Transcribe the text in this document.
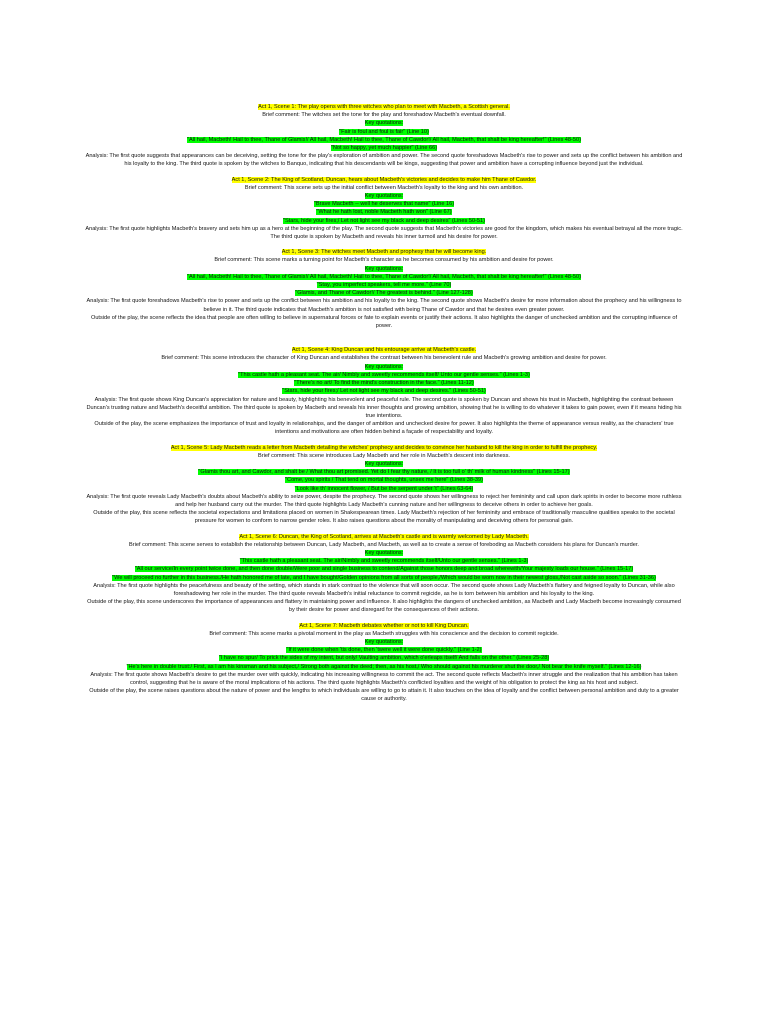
Act 1, Scene 1: The play opens with three witches who plan to meet with Macbeth, a Scottish general.
Brief comment: The witches set the tone for the play and foreshadow Macbeth's eventual downfall.
Key quotations:
"Fair is foul and foul is fair" (Line 10)
"All hail, Macbeth! Hail to thee, Thane of Glamis!/ All hail, Macbeth! Hail to thee, Thane of Cawdor!/ All hail, Macbeth, that shalt be king hereafter!" (Lines 48-50)
"Not so happy, yet much happier" (Line 66)
Analysis: The first quote suggests that appearances can be deceiving, setting the tone for the play's exploration of ambition and power. The second quote foreshadows Macbeth's rise to power and sets up the conflict between his ambition and his loyalty to the king. The third quote is spoken by the witches to Banquo, indicating that his descendants will be kings, suggesting that power and ambition have a corrupting influence beyond just the individual.
Act 1, Scene 2: The King of Scotland, Duncan, hears about Macbeth's victories and decides to make him Thane of Cawdor.
Brief comment: This scene sets up the initial conflict between Macbeth's loyalty to the king and his own ambition.
Key quotations:
"Brave Macbeth -- well he deserves that name" (Line 16)
"What he hath lost, noble Macbeth hath won" (Line 67)
"Stars, hide your fires;/ Let not light see my black and deep desires" (Lines 50-51)
Analysis: The first quote highlights Macbeth's bravery and sets him up as a hero at the beginning of the play. The second quote suggests that Macbeth's victories are good for the kingdom, which makes his eventual betrayal all the more tragic. The third quote is spoken by Macbeth and reveals his inner turmoil and his desire for power.
Act 1, Scene 3: The witches meet Macbeth and prophesy that he will become king.
Brief comment: This scene marks a turning point for Macbeth's character as he becomes consumed by his ambition and desire for power.
Key quotations:
"All hail, Macbeth! Hail to thee, Thane of Glamis!/ All hail, Macbeth! Hail to thee, Thane of Cawdor!/ All hail, Macbeth, that shalt be king hereafter!" (Lines 48-50)
"Stay, you imperfect speakers, tell me more." (Line 70)
"Glamis, and Thane of Cawdor!/ The greatest is behind." (Line 127-128)
Analysis: The first quote foreshadows Macbeth's rise to power and sets up the conflict between his ambition and his loyalty to the king. The second quote shows Macbeth's desire for more information about the prophecy and his willingness to believe in it. The third quote indicates that Macbeth's ambition is not satisfied with being Thane of Cawdor and that he desires even greater power.
Outside of the play, the scene reflects the idea that people are often willing to believe in supernatural forces or fate to explain events or justify their actions. It also highlights the danger of unchecked ambition and the corrupting influence of power.
Act 1, Scene 4: King Duncan and his entourage arrive at Macbeth's castle.
Brief comment: This scene introduces the character of King Duncan and establishes the contrast between his benevolent rule and Macbeth's growing ambition and desire for power.
Key quotations:
"This castle hath a pleasant seat. The air/ Nimbly and sweetly recommends itself/ Unto our gentle senses." (Lines 1-3)
"There's no art/ To find the mind's construction in the face." (Lines 11-12)
"Stars, hide your fires;/ Let not light see my black and deep desires." (Lines 50-51)
Analysis: The first quote shows King Duncan's appreciation for nature and beauty, highlighting his benevolent and peaceful rule. The second quote is spoken by Duncan and shows his trust in Macbeth, highlighting the contrast between Duncan's trusting nature and Macbeth's deceitful ambition. The third quote is spoken by Macbeth and reveals his inner thoughts and growing ambition, showing that he is willing to do whatever it takes to gain power, even if it means hiding his true intentions.
Outside of the play, the scene emphasizes the importance of trust and loyalty in relationships, and the danger of ambition and unchecked desire for power. It also highlights the theme of appearance versus reality, as the characters' true intentions and motivations are often hidden behind a façade of respectability and loyalty.
Act 1, Scene 5: Lady Macbeth reads a letter from Macbeth detailing the witches' prophecy and decides to convince her husband to kill the king in order to fulfill the prophecy.
Brief comment: This scene introduces Lady Macbeth and her role in Macbeth's descent into darkness.
Key quotations:
"Glamis thou art, and Cawdor, and shalt be / What thou art promised. Yet do I fear thy nature, / It is too full o' th' milk of human kindness" (Lines 15-17)
"Come, you spirits / That tend on mortal thoughts, unsex me here" (Lines 38-39)
"Look like th' innocent flower, / But be the serpent under 't" (Lines 63-64)
Analysis: The first quote reveals Lady Macbeth's doubts about Macbeth's ability to seize power, despite the prophecy. The second quote shows her willingness to reject her femininity and call upon dark spirits in order to become more ruthless and help her husband carry out the murder. The third quote highlights Lady Macbeth's cunning nature and her willingness to deceive others in order to achieve her goals.
Outside of the play, this scene reflects the societal expectations and limitations placed on women in Shakespearean times. Lady Macbeth's rejection of her femininity and embrace of traditionally masculine qualities speaks to the societal pressure for women to conform to narrow gender roles. It also raises questions about the morality of manipulating and deceiving others for personal gain.
Act 1, Scene 6: Duncan, the King of Scotland, arrives at Macbeth's castle and is warmly welcomed by Lady Macbeth.
Brief comment: This scene serves to establish the relationship between Duncan, Lady Macbeth, and Macbeth, as well as to create a sense of foreboding as Macbeth considers his plans for Duncan's murder.
Key quotations:
"This castle hath a pleasant seat. The air/Nimbly and sweetly recommends itself/Unto our gentle senses." (Lines 1-3)
"All our service/In every point twice done, and then done double/Were poor and single business to contend/Against those honors deep and broad wherewith/Your majesty loads our house." (Lines 15-17)
"We will proceed no further in this business./He hath honored me of late, and I have bought/Golden opinions from all sorts of people,/Which would be worn now in their newest gloss,/Not cast aside so soon." (Lines 31-36)
Analysis: The first quote highlights the peacefulness and beauty of the setting, which stands in stark contrast to the violence that will soon occur. The second quote shows Lady Macbeth's flattery and feigned loyalty to Duncan, while also foreshadowing her role in the murder. The third quote reveals Macbeth's initial reluctance to commit regicide, as he is torn between his ambition and his loyalty to the king.
Outside of the play, this scene underscores the importance of appearances and flattery in maintaining power and influence. It also highlights the dangers of unchecked ambition, as Macbeth and Lady Macbeth become increasingly consumed by their desire for power and disregard for the consequences of their actions.
Act 1, Scene 7: Macbeth debates whether or not to kill King Duncan.
Brief comment: This scene marks a pivotal moment in the play as Macbeth struggles with his conscience and the decision to commit regicide.
Key quotations:
"If it were done when 'tis done, then 'twere well it were done quickly." (Line 1-2)
"I have no spur/ To prick the sides of my intent, but only/ Vaulting ambition, which o'erleaps itself/ And falls on the other." (Lines 25-28)
"He's here in double trust:/ First, as I am his kinsman and his subject,/ Strong both against the deed; then, as his host,/ Who should against his murderer shut the door,/ Not bear the knife myself." (Lines 12-16)
Analysis: The first quote shows Macbeth's desire to get the murder over with quickly, indicating his increasing willingness to commit the act. The second quote reflects Macbeth's inner struggle and the realization that his ambition has taken control, suggesting that he is aware of the moral implications of his actions. The third quote highlights Macbeth's conflicted loyalties and the weight of his obligation to protect the king as his host and subject.
Outside of the play, the scene raises questions about the nature of power and the lengths to which individuals are willing to go to attain it. It also touches on the idea of loyalty and the conflict between personal ambition and duty to a greater cause or authority.
